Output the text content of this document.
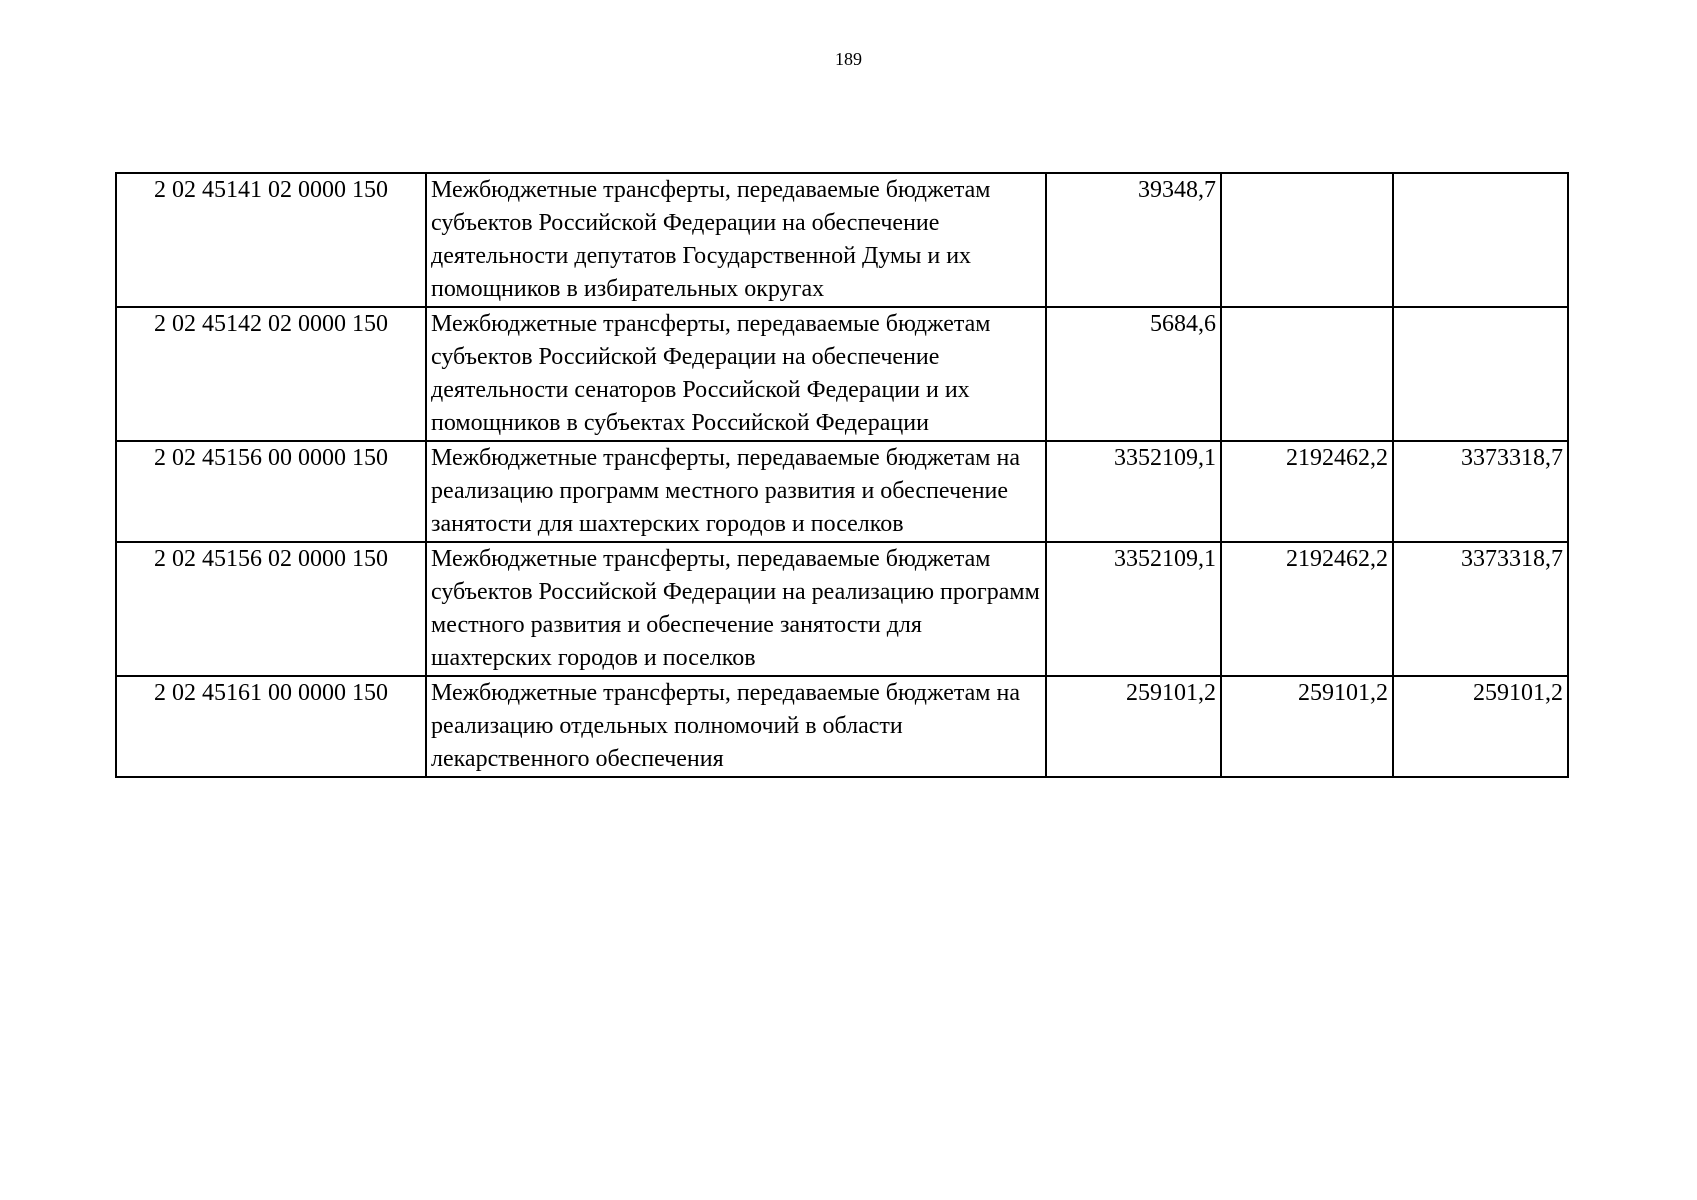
189
2 02 45141 02 0000 150	Межбюджетные трансферты, передаваемые бюджетам субъектов Российской Федерации на обеспечение деятельности депутатов Государственной Думы и их помощников в избирательных округах	39348,7		
2 02 45142 02 0000 150	Межбюджетные трансферты, передаваемые бюджетам субъектов Российской Федерации на обеспечение деятельности сенаторов Российской Федерации и их помощников в субъектах Российской Федерации	5684,6		
2 02 45156 00 0000 150	Межбюджетные трансферты, передаваемые бюджетам на реализацию программ местного развития и обеспечение занятости для шахтерских городов и поселков	3352109,1	2192462,2	3373318,7
2 02 45156 02 0000 150	Межбюджетные трансферты, передаваемые бюджетам субъектов Российской Федерации на реализацию программ местного развития и обеспечение занятости для шахтерских городов и поселков	3352109,1	2192462,2	3373318,7
2 02 45161 00 0000 150	Межбюджетные трансферты, передаваемые бюджетам на реализацию отдельных полномочий в области лекарственного обеспечения	259101,2	259101,2	259101,2
